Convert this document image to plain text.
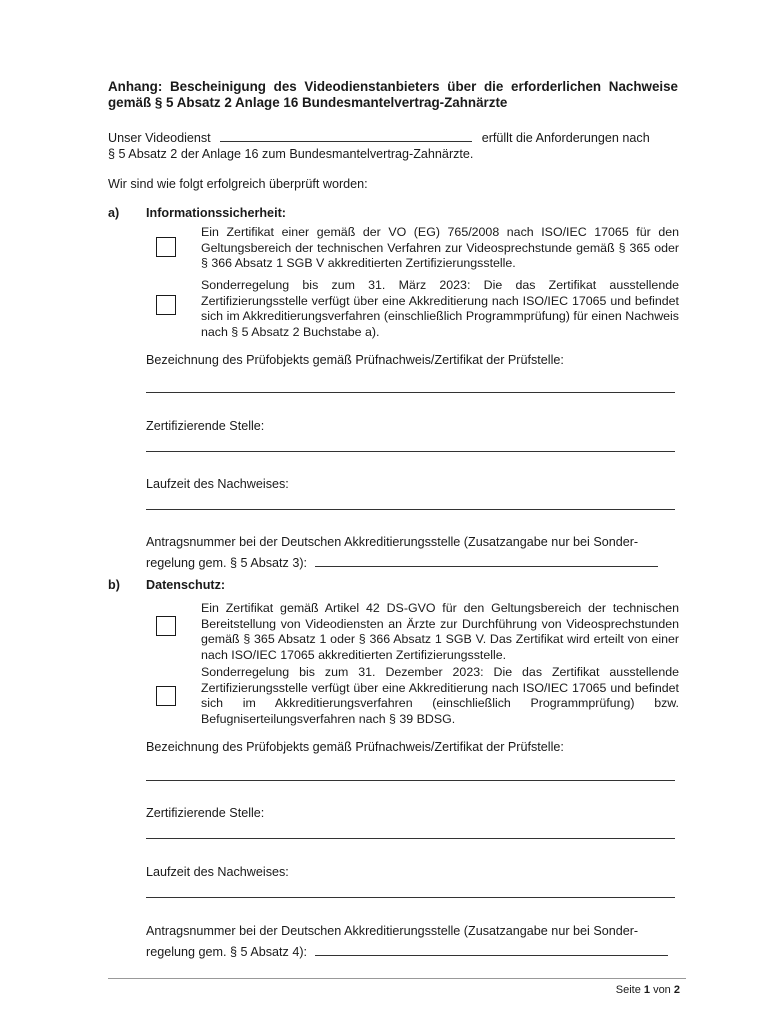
Anhang: Bescheinigung des Videodienstanbieters über die erforderlichen Nachweise gemäß § 5 Absatz 2 Anlage 16 Bundesmantelvertrag-Zahnärzte
Unser Videodienst	erfüllt die Anforderungen nach
§ 5 Absatz 2 der Anlage 16 zum Bundesmantelvertrag-Zahnärzte.
Wir sind wie folgt erfolgreich überprüft worden:
a) Informationssicherheit:
Ein Zertifikat einer gemäß der VO (EG) 765/2008 nach ISO/IEC 17065 für den Geltungsbereich der technischen Verfahren zur Videosprechstunde gemäß § 365 oder § 366 Absatz 1 SGB V akkreditierten Zertifizierungsstelle.
Sonderregelung bis zum 31. März 2023: Die das Zertifikat ausstellende Zertifizierungsstelle verfügt über eine Akkreditierung nach ISO/IEC 17065 und befindet sich im Akkreditierungsverfahren (einschließlich Programmprüfung) für einen Nachweis nach § 5 Absatz 2 Buchstabe a).
Bezeichnung des Prüfobjekts gemäß Prüfnachweis/Zertifikat der Prüfstelle:
Zertifizierende Stelle:
Laufzeit des Nachweises:
Antragsnummer bei der Deutschen Akkreditierungsstelle (Zusatzangabe nur bei Sonder-
regelung gem. § 5 Absatz 3):
b) Datenschutz:
Ein Zertifikat gemäß Artikel 42 DS-GVO für den Geltungsbereich der technischen Bereitstellung von Videodiensten an Ärzte zur Durchführung von Videosprechstunden gemäß § 365 Absatz 1 oder § 366 Absatz 1 SGB V. Das Zertifikat wird erteilt von einer nach ISO/IEC 17065 akkreditierten Zertifizierungsstelle.
Sonderregelung bis zum 31. Dezember 2023: Die das Zertifikat ausstellende Zertifizierungsstelle verfügt über eine Akkreditierung nach ISO/IEC 17065 und befindet sich im Akkreditierungsverfahren (einschließlich Programmprüfung) bzw. Befugniserteilungsverfahren nach § 39 BDSG.
Bezeichnung des Prüfobjekts gemäß Prüfnachweis/Zertifikat der Prüfstelle:
Zertifizierende Stelle:
Laufzeit des Nachweises:
Antragsnummer bei der Deutschen Akkreditierungsstelle (Zusatzangabe nur bei Sonder-
regelung gem. § 5 Absatz 4):
Seite 1 von 2
